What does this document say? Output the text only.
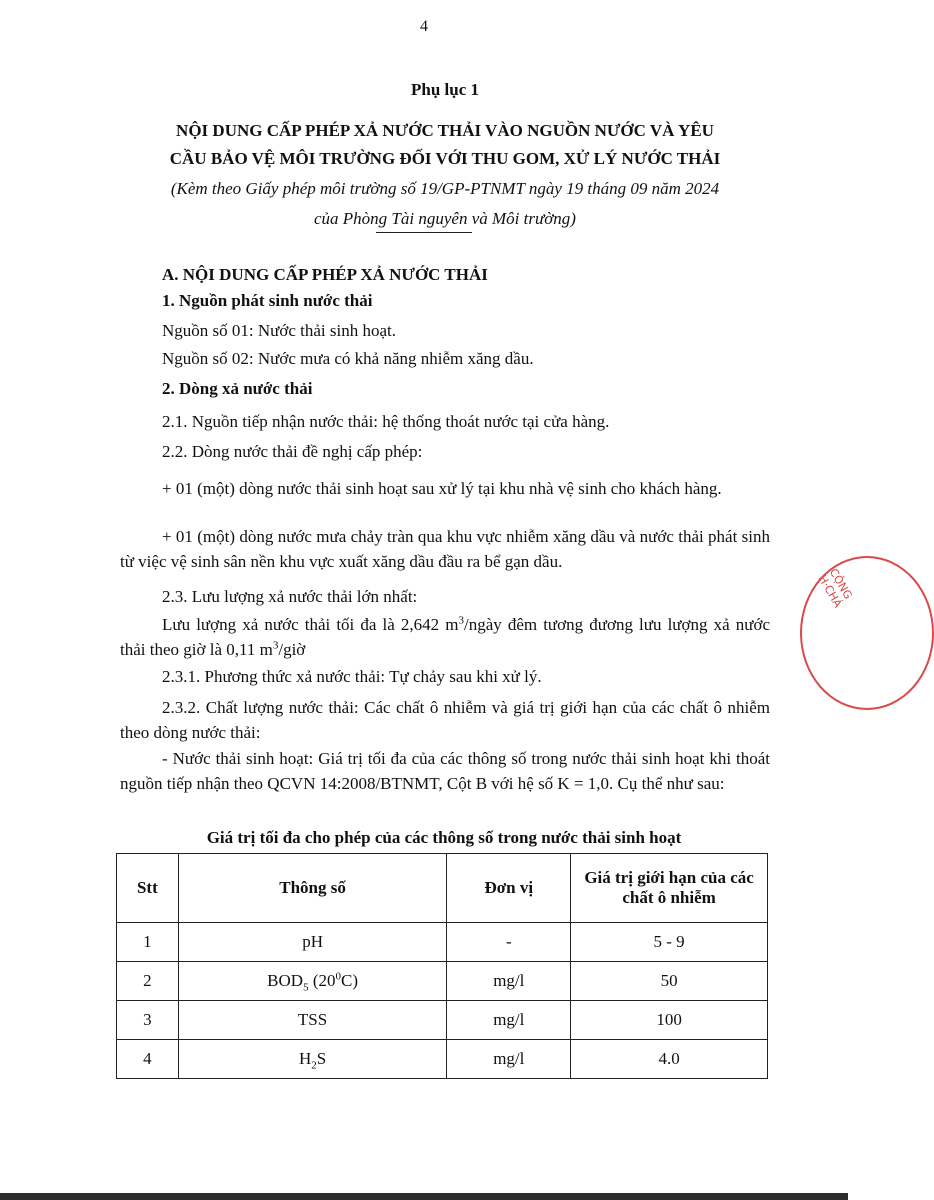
4
Phụ lục 1
NỘI DUNG CẤP PHÉP XẢ NƯỚC THẢI VÀO NGUỒN NƯỚC VÀ YÊU
CẦU BẢO VỆ MÔI TRƯỜNG ĐỐI VỚI THU GOM, XỬ LÝ NƯỚC THẢI
(Kèm theo Giấy phép môi trường số 19/GP-PTNMT ngày 19 tháng 09 năm 2024
của Phòng Tài nguyên và Môi trường)
A. NỘI DUNG CẤP PHÉP XẢ NƯỚC THẢI
1. Nguồn phát sinh nước thải
Nguồn số 01: Nước thải sinh hoạt.
Nguồn số 02: Nước mưa có khả năng nhiễm xăng dầu.
2. Dòng xả nước thải
2.1. Nguồn tiếp nhận nước thải: hệ thống thoát nước tại cửa hàng.
2.2. Dòng nước thải đề nghị cấp phép:
+ 01 (một) dòng nước thải sinh hoạt sau xử lý tại khu nhà vệ sinh cho khách hàng.
+ 01 (một) dòng nước mưa chảy tràn qua khu vực nhiễm xăng dầu và nước thải phát sinh từ việc vệ sinh sân nền khu vực xuất xăng dầu đầu ra bể gạn dầu.
2.3. Lưu lượng xả nước thải lớn nhất:
Lưu lượng xả nước thải tối đa là 2,642 $m^3$/ngày đêm tương đương lưu lượng xả nước thải theo giờ là 0,11 $m^3$/giờ
2.3.1. Phương thức xả nước thải: Tự chảy sau khi xử lý.
2.3.2. Chất lượng nước thải: Các chất ô nhiễm và giá trị giới hạn của các chất ô nhiễm theo dòng nước thải:
- Nước thải sinh hoạt: Giá trị tối đa của các thông số trong nước thải sinh hoạt khi thoát nguồn tiếp nhận theo QCVN 14:2008/BTNMT, Cột B với hệ số K = 1,0. Cụ thể như sau:
Giá trị tối đa cho phép của các thông số trong nước thải sinh hoạt
Stt	Thông số	Đơn vị	Giá trị giới hạn của các chất ô nhiễm
1	pH	-	5 - 9
2	$BOD_5$ $(20^0C)$	mg/l	50
3	TSS	mg/l	100
4	$H_2S$	mg/l	4.0
CỘNG H·CHÁ
